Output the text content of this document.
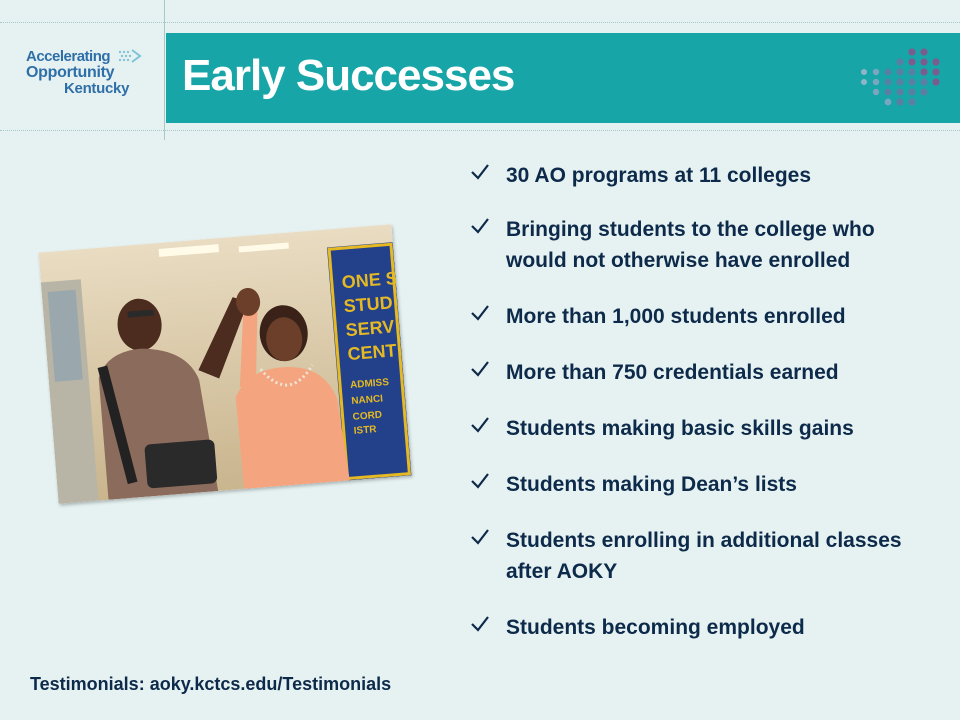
Accelerating
Opportunity
Kentucky Early Successes
ONE S
STUD
SERV
CENT
ADMISS
NANCI
CORD
ISTR
30 AO programs at 11 colleges
Bringing students to the college who would not otherwise have enrolled
More than 1,000 students enrolled
More than 750 credentials earned
Students making basic skills gains
Students making Dean’s lists
Students enrolling in additional classes after AOKY
Students becoming employed
Testimonials: aoky.kctcs.edu/Testimonials
